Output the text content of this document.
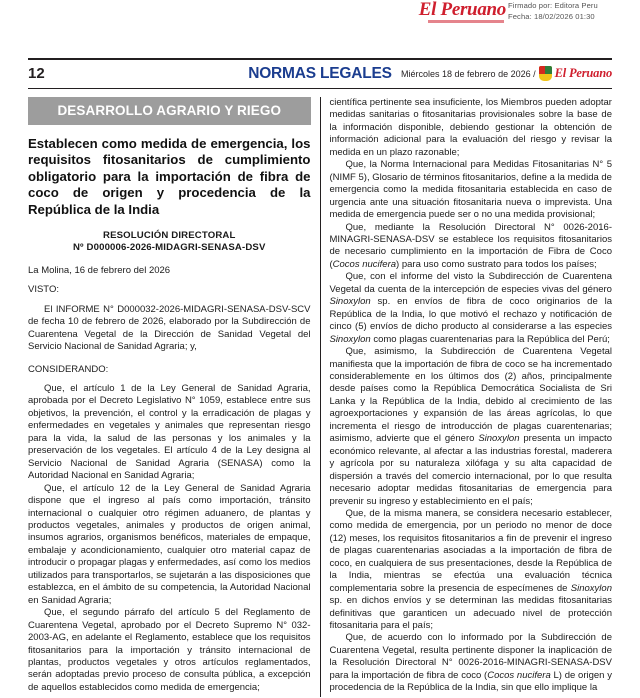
El Peruano Firmado por: Editora Peru
Fecha: 18/02/2026 01:30
12	NORMAS LEGALES Miércoles 18 de febrero de 2026 / El Peruano
DESARROLLO AGRARIO Y RIEGO
Establecen como medida de emergencia, los requisitos fitosanitarios de cumplimiento obligatorio para la importación de fibra de coco de origen y procedencia de la República de la India
RESOLUCIÓN DIRECTORAL
Nº D000006-2026-MIDAGRI-SENASA-DSV

La Molina, 16 de febrero del 2026

VISTO:

El INFORME N° D000032-2026-MIDAGRI-SENASA-DSV-SCV de fecha 10 de febrero de 2026, elaborado por la Subdirección de Cuarentena Vegetal de la Dirección de Sanidad Vegetal del Servicio Nacional de Sanidad Agraria; y,

CONSIDERANDO:

Que, el artículo 1 de la Ley General de Sanidad Agraria, aprobada por el Decreto Legislativo N° 1059, establece entre sus objetivos, la prevención, el control y la erradicación de plagas y enfermedades en vegetales y animales que representan riesgo para la vida, la salud de las personas y los animales y la preservación de los vegetales. El artículo 4 de la Ley designa al Servicio Nacional de Sanidad Agraria (SENASA) como la Autoridad Nacional en Sanidad Agraria;

Que, el artículo 12 de la Ley General de Sanidad Agraria dispone que el ingreso al país como importación, tránsito internacional o cualquier otro régimen aduanero, de plantas y productos vegetales, animales y productos de origen animal, insumos agrarios, organismos benéficos, materiales de empaque, embalaje y acondicionamiento, cualquier otro material capaz de introducir o propagar plagas y enfermedades, así como los medios utilizados para transportarlos, se sujetarán a las disposiciones que establezca, en el ámbito de su competencia, la Autoridad Nacional en Sanidad Agraria;

Que, el segundo párrafo del artículo 5 del Reglamento de Cuarentena Vegetal, aprobado por el Decreto Supremo N° 032-2003-AG, en adelante el Reglamento, establece que los requisitos fitosanitarios para la importación y tránsito internacional de plantas, productos vegetales y otros artículos reglamentados, serán adoptadas previo proceso de consulta pública, a excepción de aquellos establecidos como medida de emergencia;

científica pertinente sea insuficiente, los Miembros pueden adoptar medidas sanitarias o fitosanitarias provisionales sobre la base de la información disponible, debiendo gestionar la obtención de información adicional para la evaluación del riesgo y revisar la medida en un plazo razonable;

Que, la Norma Internacional para Medidas Fitosanitarias N° 5 (NIMF 5), Glosario de términos fitosanitarios, define a la medida de emergencia como la medida fitosanitaria establecida en caso de urgencia ante una situación fitosanitaria nueva o imprevista. Una medida de emergencia puede ser o no una medida provisional;

Que, mediante la Resolución Directoral N° 0026-2016-MINAGRI-SENASA-DSV se establece los requisitos fitosanitarios de necesario cumplimiento en la importación de Fibra de Coco (Cocos nucifera) para uso como sustrato para todos los países;

Que, con el informe del visto la Subdirección de Cuarentena Vegetal da cuenta de la intercepción de especies vivas del género Sinoxylon sp. en envíos de fibra de coco originarios de la República de la India, lo que motivó el rechazo y notificación de cinco (5) envíos de dicho producto al considerarse a las especies Sinoxylon como plagas cuarentenarias para la República del Perú;

Que, asimismo, la Subdirección de Cuarentena Vegetal manifiesta que la importación de fibra de coco se ha incrementado considerablemente en los últimos dos (2) años, principalmente desde países como la República Democrática Socialista de Sri Lanka y la República de la India, debido al crecimiento de las agroexportaciones y expansión de las áreas agrícolas, lo que incrementa el riesgo de introducción de plagas cuarentenarias; asimismo, advierte que el género Sinoxylon presenta un impacto económico relevante, al afectar a las industrias forestal, maderera y agrícola por su naturaleza xilófaga y su alta capacidad de dispersión a través del comercio internacional, por lo que resulta necesario adoptar medidas fitosanitarias de emergencia para prevenir su ingreso y establecimiento en el país;

Que, de la misma manera, se considera necesario establecer, como medida de emergencia, por un periodo no menor de doce (12) meses, los requisitos fitosanitarios a fin de prevenir el ingreso de plagas cuarentenarias asociadas a la importación de fibra de coco, en cualquiera de sus presentaciones, desde la República de la India, mientras se efectúa una evaluación técnica complementaria sobre la presencia de especímenes de Sinoxylon sp. en dichos envíos y se determinan las medidas fitosanitarias definitivas que garanticen un adecuado nivel de protección fitosanitaria para el país;

Que, de acuerdo con lo informado por la Subdirección de Cuarentena Vegetal, resulta pertinente disponer la inaplicación de la Resolución Directoral N° 0026-2016-MINAGRI-SENASA-DSV para la importación de fibra de coco (Cocos nucifera L) de origen y procedencia de la República de la India, sin que ello implique la
